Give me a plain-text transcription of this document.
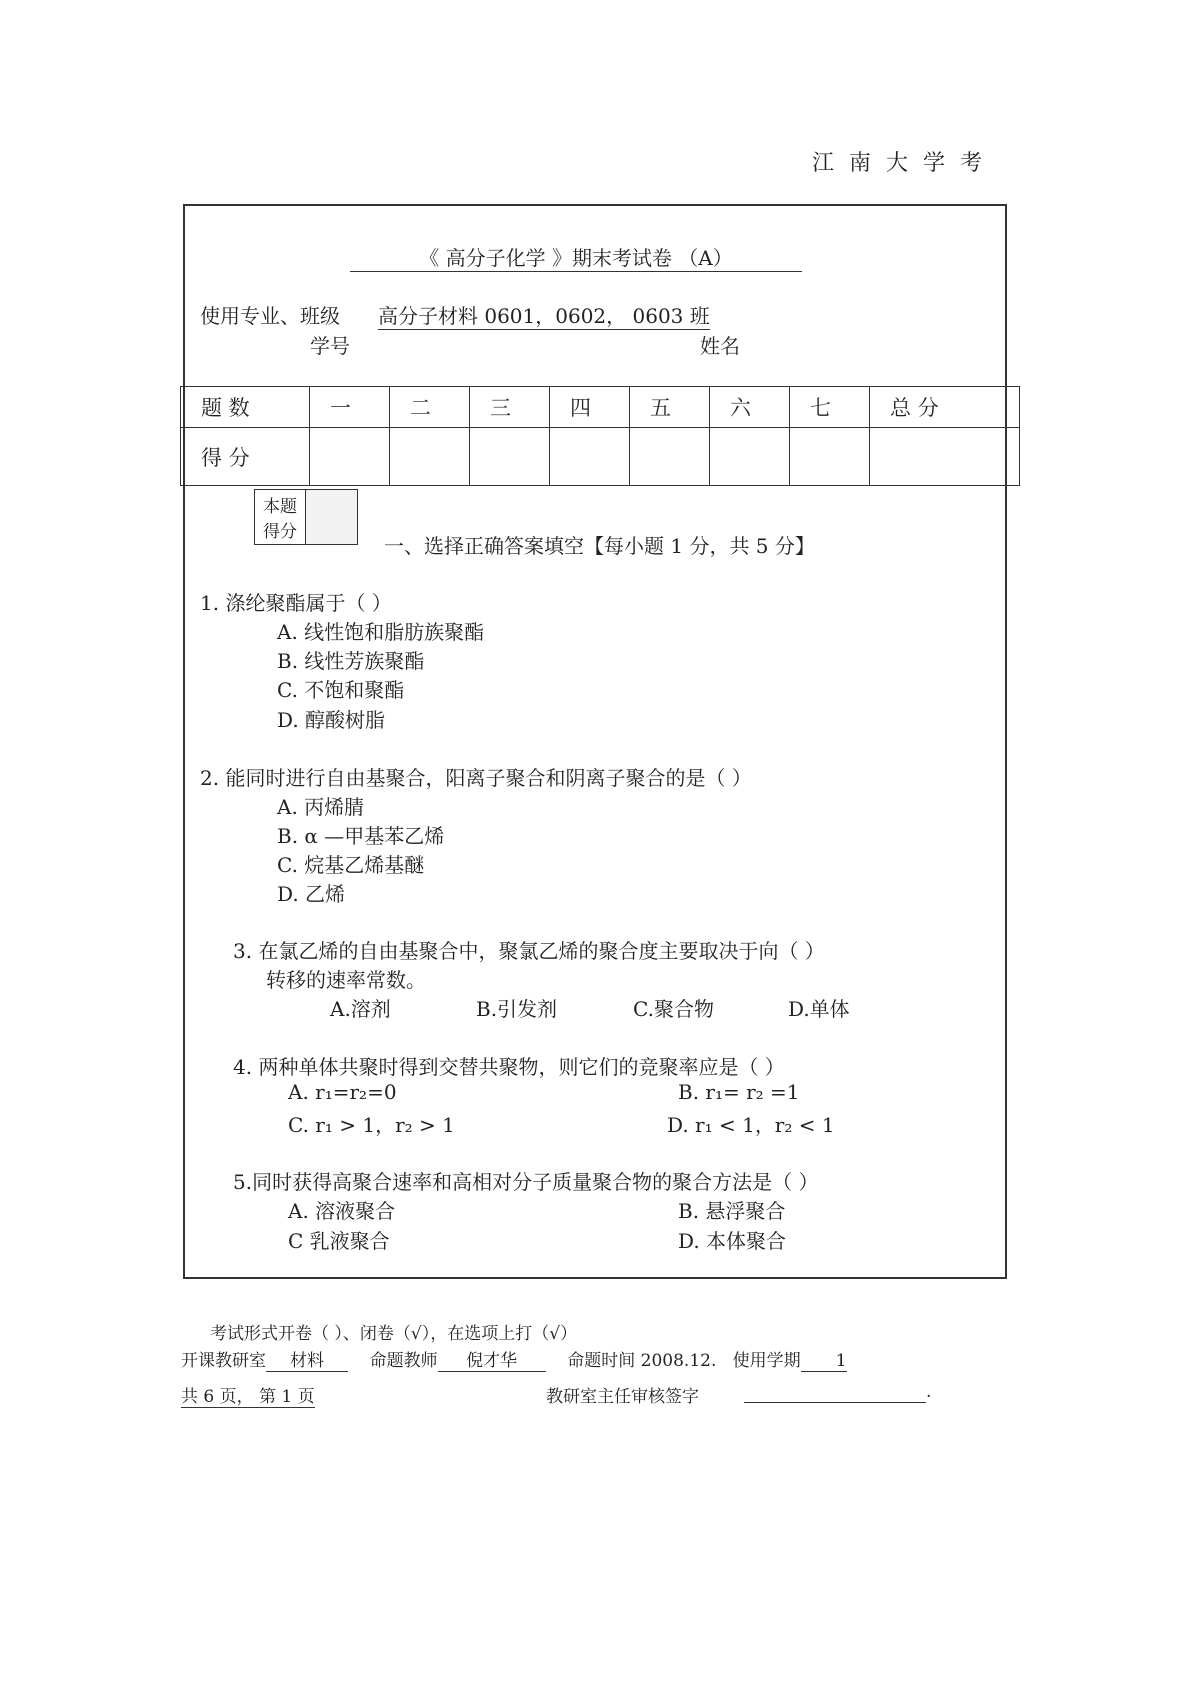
江 南 大 学 考
《 高分子化学 》期末考试卷 （A）
使用专业、班级 高分子材料 0601，0602， 0603 班
学号	姓名
题 数	一	二	三	四	五	六	七	总 分
得 分								
本题
得分	
一、选择正确答案填空【每小题 1 分，共 5 分】
1. 涤纶聚酯属于（ ）
A. 线性饱和脂肪族聚酯
B. 线性芳族聚酯
C. 不饱和聚酯
D. 醇酸树脂
2. 能同时进行自由基聚合，阳离子聚合和阴离子聚合的是（ ）
A. 丙烯腈
B. α —甲基苯乙烯
C. 烷基乙烯基醚
D. 乙烯
3. 在氯乙烯的自由基聚合中，聚氯乙烯的聚合度主要取决于向（ ）
转移的速率常数。
A.溶剂	B.引发剂	C.聚合物	D.单体
4. 两种单体共聚时得到交替共聚物，则它们的竞聚率应是（ ）
A. r₁=r₂=0	B. r₁= r₂ =1
C. r₁ > 1，r₂ > 1	D. r₁ < 1，r₂ < 1
5.同时获得高聚合速率和高相对分子质量聚合物的聚合方法是（ ）
A. 溶液聚合	B. 悬浮聚合
C 乳液聚合	D. 本体聚合
考试形式开卷（ ）、闭卷（√），在选项上打（√）
开课教研室 材料	命题教师 倪才华	命题时间 2008.12. 使用学期 1
共 6 页， 第 1 页	教研室主任审核签字	.
